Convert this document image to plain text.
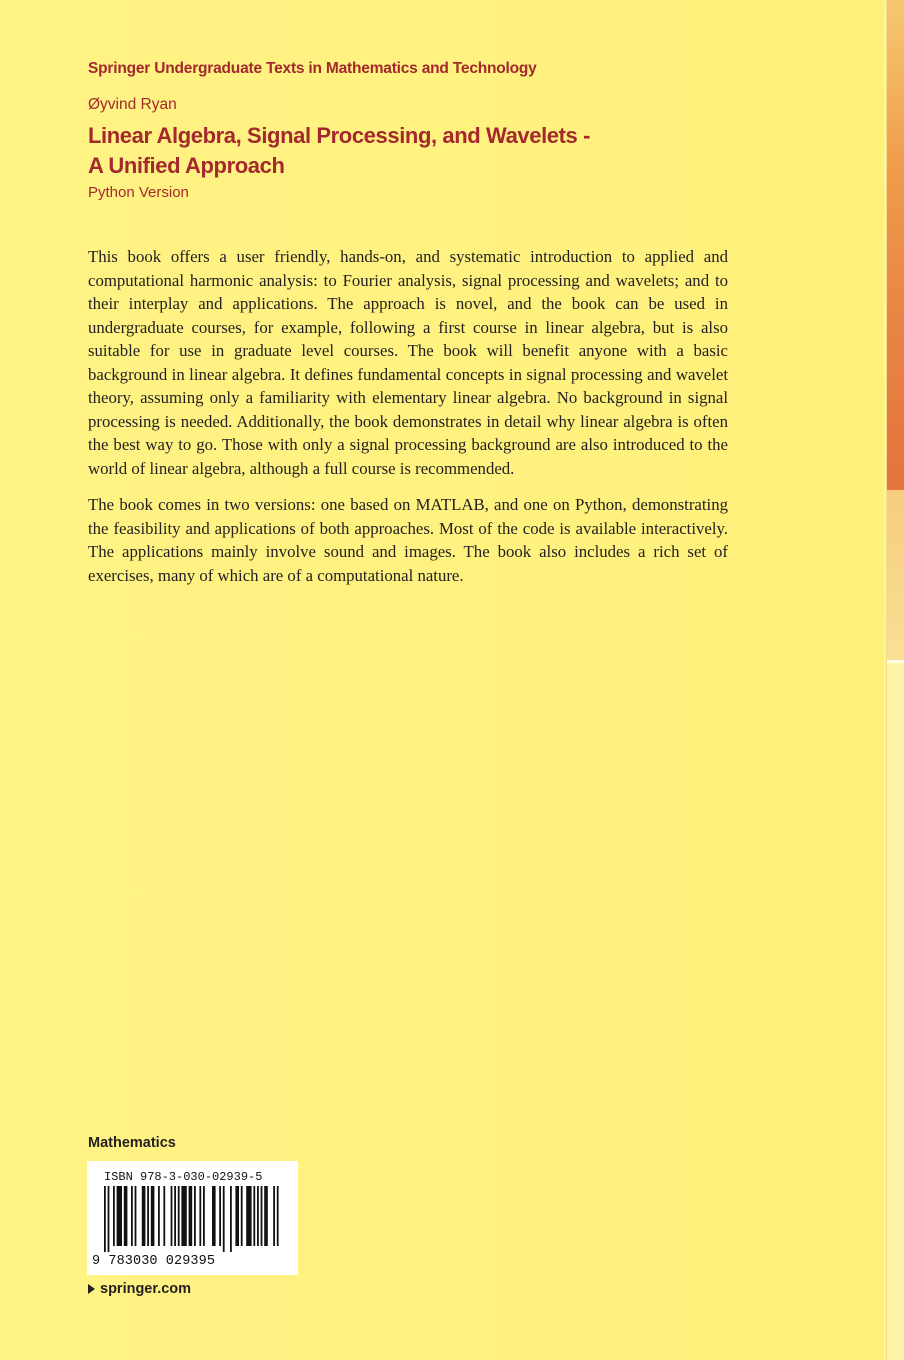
Springer Undergraduate Texts in Mathematics and Technology
Øyvind Ryan
Linear Algebra, Signal Processing, and Wavelets -
A Unified Approach
Python Version

This book offers a user friendly, hands-on, and systematic introduction to applied and computational harmonic analysis: to Fourier analysis, signal processing and wavelets; and to their interplay and applications. The approach is novel, and the book can be used in undergraduate courses, for example, following a first course in linear algebra, but is also suitable for use in graduate level courses. The book will benefit anyone with a basic background in linear algebra. It defines fundamental concepts in signal processing and wavelet theory, assuming only a familiarity with elementary linear algebra. No background in signal processing is needed. Additionally, the book demonstrates in detail why linear algebra is often the best way to go. Those with only a signal processing background are also introduced to the world of linear algebra, although a full course is recommended.

The book comes in two versions: one based on MATLAB, and one on Python, demonstrating the feasibility and applications of both approaches. Most of the code is available interactively. The applications mainly involve sound and images. The book also includes a rich set of exercises, many of which are of a computational nature.

Mathematics
ISBN 978-3-030-02939-5
9 783030 029395
springer.com
